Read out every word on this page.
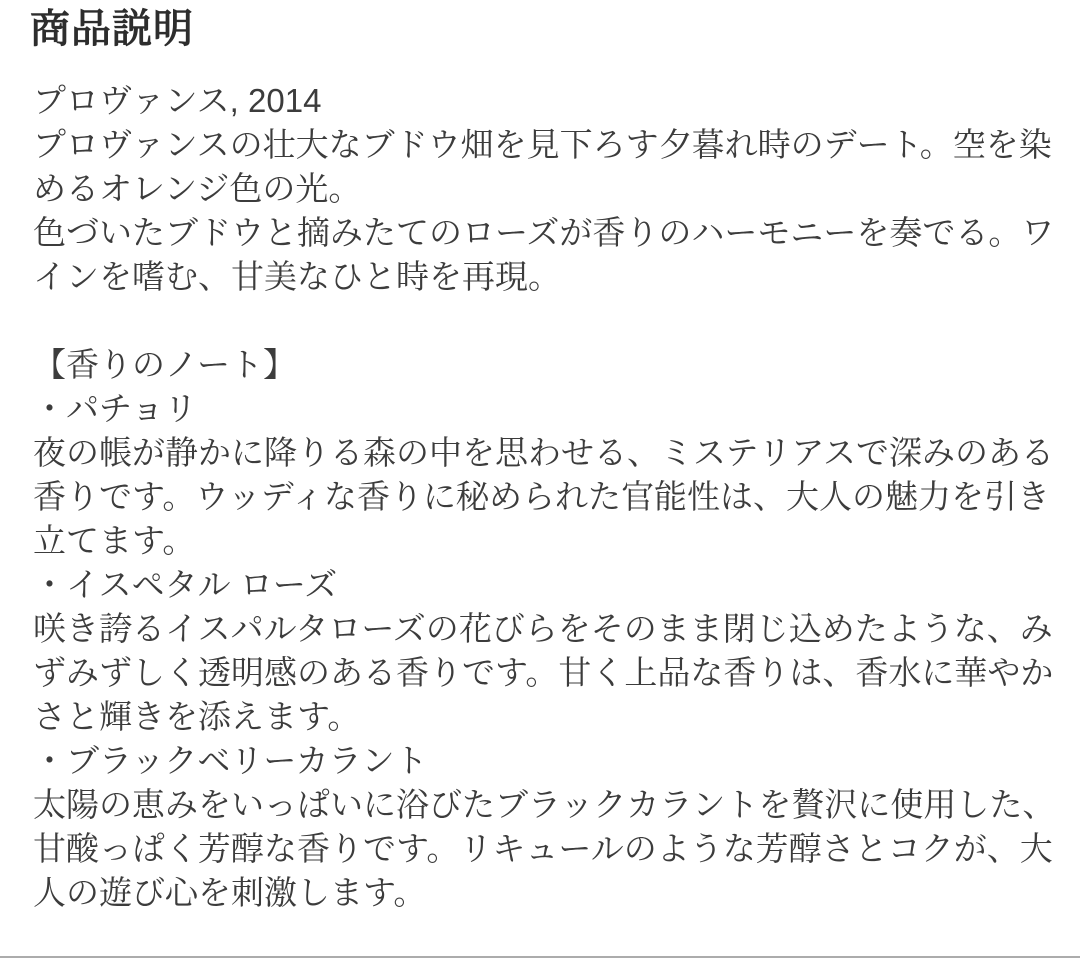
商品説明
プロヴァンス, 2014
プロヴァンスの壮大なブドウ畑を見下ろす夕暮れ時のデート。空を染
めるオレンジ色の光。
色づいたブドウと摘みたてのローズが香りのハーモニーを奏でる。ワ
インを嗜む、甘美なひと時を再現。
【香りのノート】
・パチョリ
夜の帳が静かに降りる森の中を思わせる、ミステリアスで深みのある
香りです。ウッディな香りに秘められた官能性は、大人の魅力を引き
立てます。
・イスペタル ローズ
咲き誇るイスパルタローズの花びらをそのまま閉じ込めたような、み
ずみずしく透明感のある香りです。甘く上品な香りは、香水に華やか
さと輝きを添えます。
・ブラックベリーカラント
太陽の恵みをいっぱいに浴びたブラックカラントを贅沢に使用した、
甘酸っぱく芳醇な香りです。リキュールのような芳醇さとコクが、大
人の遊び心を刺激します。
